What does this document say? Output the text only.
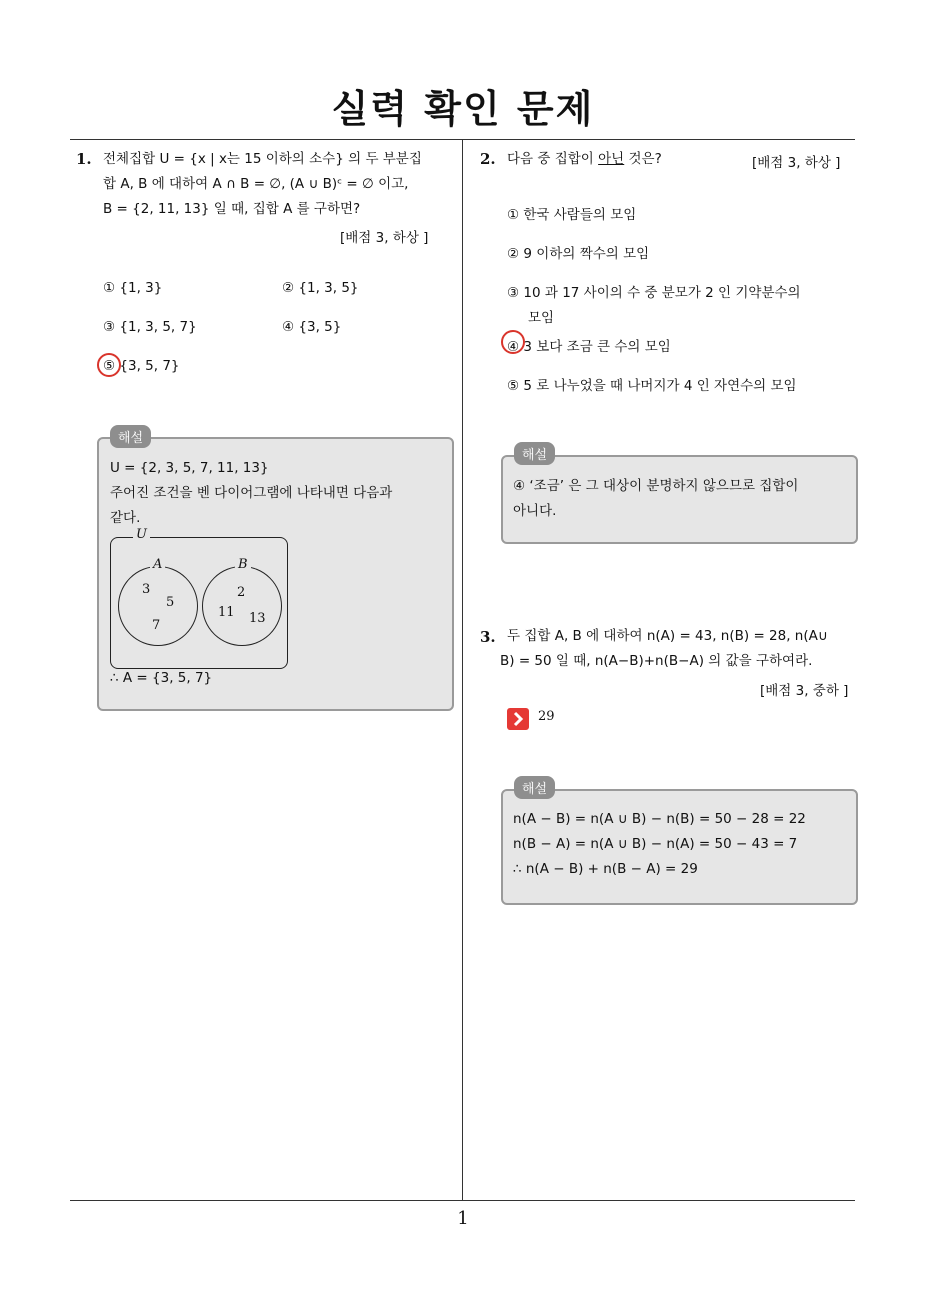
실력 확인 문제
1. 전체집합 U = {x | x는 15 이하의 소수} 의 두 부분집
합 A, B 에 대하여 A ∩ B = ∅, (A ∪ B)ᶜ = ∅ 이고,
B = {2, 11, 13} 일 때, 집합 A 를 구하면?
[배점 3, 하상 ]
① {1, 3}	② {1, 3, 5}
③ {1, 3, 5, 7}	④ {3, 5}
⑤ {3, 5, 7}
해설
U = {2, 3, 5, 7, 11, 13}
주어진 조건을 벤 다이어그램에 나타내면 다음과
같다.
U
A	B
3
5
7
2
11 13
∴ A = {3, 5, 7}
2. 다음 중 집합이 아닌 것은?	[배점 3, 하상 ]
① 한국 사람들의 모임
② 9 이하의 짝수의 모임
③ 10 과 17 사이의 수 중 분모가 2 인 기약분수의
모임
④ 3 보다 조금 큰 수의 모임
⑤ 5 로 나누었을 때 나머지가 4 인 자연수의 모임
해설
④ ‘조금’ 은 그 대상이 분명하지 않으므로 집합이
아니다.
3. 두 집합 A, B 에 대하여 n(A) = 43, n(B) = 28, n(A∪
B) = 50 일 때, n(A−B)+n(B−A) 의 값을 구하여라.
[배점 3, 중하 ]
29
해설
n(A − B) = n(A ∪ B) − n(B) = 50 − 28 = 22
n(B − A) = n(A ∪ B) − n(A) = 50 − 43 = 7
∴ n(A − B) + n(B − A) = 29
1
